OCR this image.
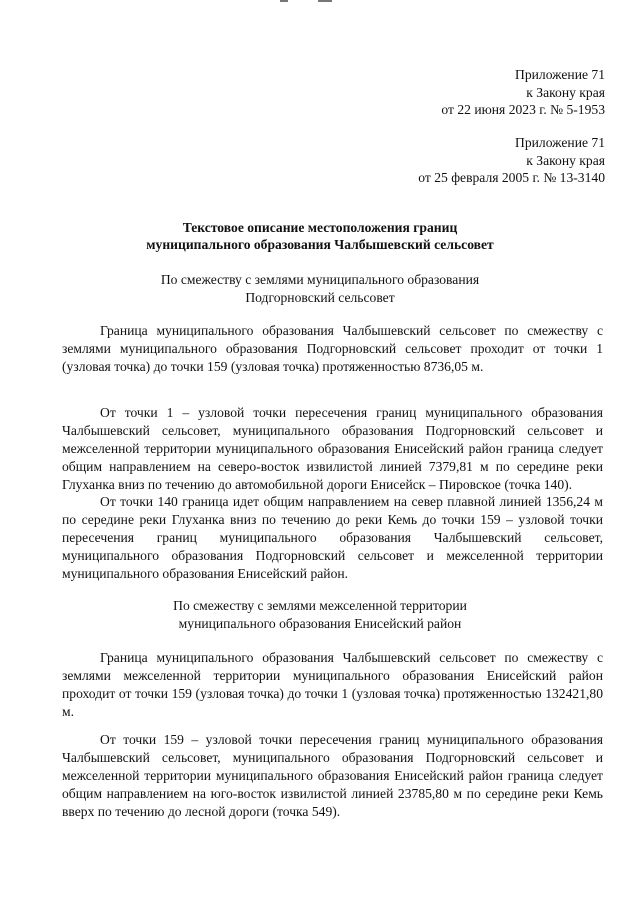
Приложение 71
к Закону края
от 22 июня 2023 г. № 5-1953
Приложение 71
к Закону края
от 25 февраля 2005 г. № 13-3140
Текстовое описание местоположения границ
муниципального образования Чалбышевский сельсовет
По смежеству с землями муниципального образования
Подгорновский сельсовет

Граница муниципального образования Чалбышевский сельсовет по смежеству с землями муниципального образования Подгорновский сельсовет проходит от точки 1 (узловая точка) до точки 159 (узловая точка) протяженностью 8736,05 м.

От точки 1 – узловой точки пересечения границ муниципального образования Чалбышевский сельсовет, муниципального образования Подгорновский сельсовет и межселенной территории муниципального образования Енисейский район граница следует общим направлением на северо-восток извилистой линией 7379,81 м по середине реки Глуханка вниз по течению до автомобильной дороги Енисейск – Пировское (точка 140).

От точки 140 граница идет общим направлением на север плавной линией 1356,24 м по середине реки Глуханка вниз по течению до реки Кемь до точки 159 – узловой точки пересечения границ муниципального образования Чалбышевский сельсовет, муниципального образования Подгорновский сельсовет и межселенной территории муниципального образования Енисейский район.

По смежеству с землями межселенной территории
муниципального образования Енисейский район

Граница муниципального образования Чалбышевский сельсовет по смежеству с землями межселенной территории муниципального образования Енисейский район проходит от точки 159 (узловая точка) до точки 1 (узловая точка) протяженностью 132421,80 м.

От точки 159 – узловой точки пересечения границ муниципального образования Чалбышевский сельсовет, муниципального образования Подгорновский сельсовет и межселенной территории муниципального образования Енисейский район граница следует общим направлением на юго-восток извилистой линией 23785,80 м по середине реки Кемь вверх по течению до лесной дороги (точка 549).
